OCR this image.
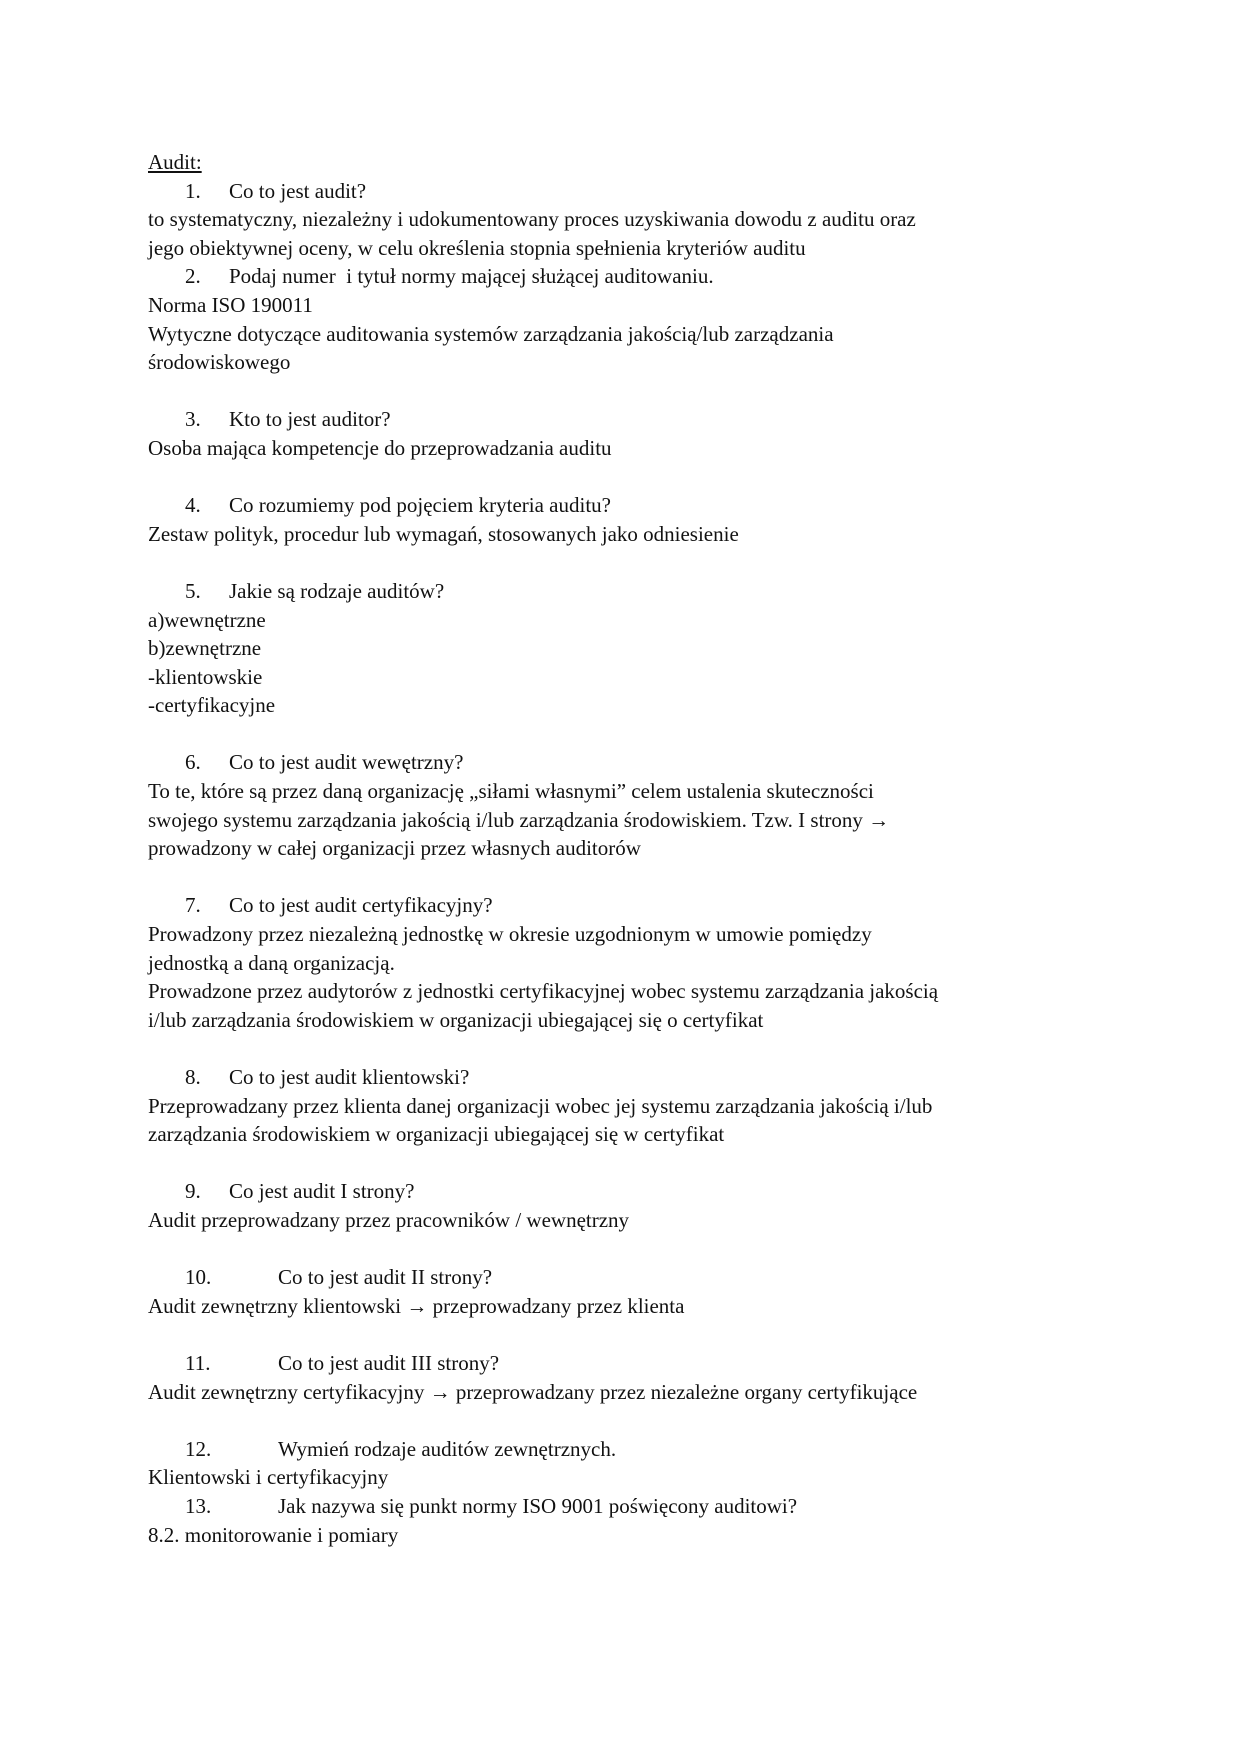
Audit:
1. Co to jest audit?
to systematyczny, niezależny i udokumentowany proces uzyskiwania dowodu z auditu oraz
jego obiektywnej oceny, w celu określenia stopnia spełnienia kryteriów auditu
2. Podaj numer  i tytuł normy mającej służącej auditowaniu.
Norma ISO 190011
Wytyczne dotyczące auditowania systemów zarządzania jakością/lub zarządzania
środowiskowego
3. Kto to jest auditor?
Osoba mająca kompetencje do przeprowadzania auditu
4. Co rozumiemy pod pojęciem kryteria auditu?
Zestaw polityk, procedur lub wymagań, stosowanych jako odniesienie
5. Jakie są rodzaje auditów?
a)wewnętrzne
b)zewnętrzne
-klientowskie
-certyfikacyjne
6. Co to jest audit wewętrzny?
To te, które są przez daną organizację „siłami własnymi” celem ustalenia skuteczności
swojego systemu zarządzania jakością i/lub zarządzania środowiskiem. Tzw. I strony →
prowadzony w całej organizacji przez własnych auditorów
7. Co to jest audit certyfikacyjny?
Prowadzony przez niezależną jednostkę w okresie uzgodnionym w umowie pomiędzy
jednostką a daną organizacją.
Prowadzone przez audytorów z jednostki certyfikacyjnej wobec systemu zarządzania jakością
i/lub zarządzania środowiskiem w organizacji ubiegającej się o certyfikat
8. Co to jest audit klientowski?
Przeprowadzany przez klienta danej organizacji wobec jej systemu zarządzania jakością i/lub
zarządzania środowiskiem w organizacji ubiegającej się w certyfikat
9. Co jest audit I strony?
Audit przeprowadzany przez pracowników / wewnętrzny
10.	Co to jest audit II strony?
Audit zewnętrzny klientowski → przeprowadzany przez klienta
11.	Co to jest audit III strony?
Audit zewnętrzny certyfikacyjny → przeprowadzany przez niezależne organy certyfikujące
12.	Wymień rodzaje auditów zewnętrznych.
Klientowski i certyfikacyjny
13.	Jak nazywa się punkt normy ISO 9001 poświęcony auditowi?
8.2. monitorowanie i pomiary
